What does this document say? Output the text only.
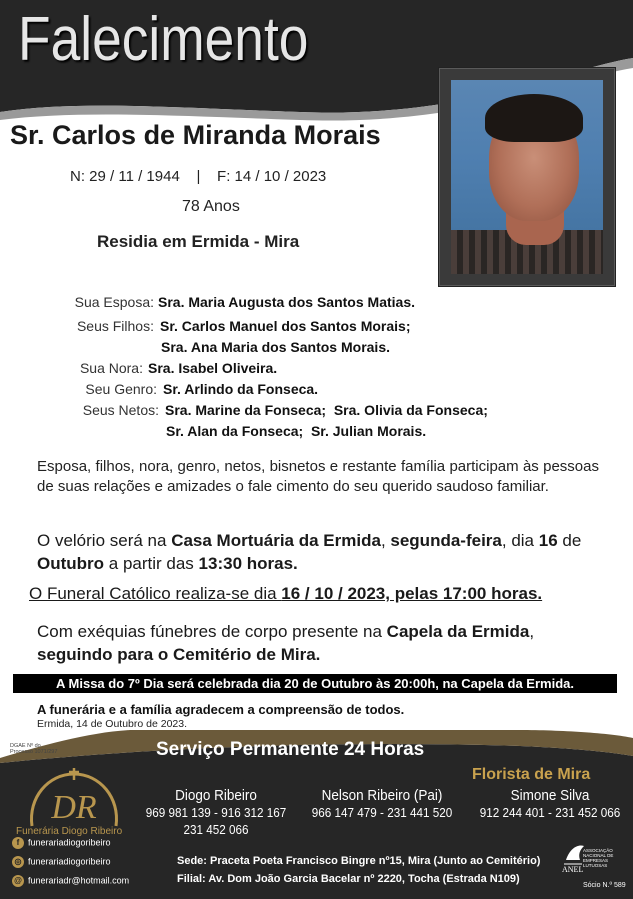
Falecimento
Sr. Carlos de Miranda Morais
N: 29 / 11 / 1944    |    F: 14 / 10 / 2023
78 Anos
Residia em Ermida - Mira
Sua Esposa: Sra. Maria Augusta dos Santos Matias.
Seus Filhos: Sr. Carlos Manuel dos Santos Morais;
Sra. Ana Maria dos Santos Morais.
Sua Nora: Sra. Isabel Oliveira.
Seu Genro: Sr. Arlindo da Fonseca.
Seus Netos: Sra. Marine da Fonseca;  Sra. Olivia da Fonseca;
Sr. Alan da Fonseca;  Sr. Julian Morais.
Esposa, filhos, nora, genro, netos, bisnetos e restante família participam às pessoas de suas relações e amizades o fale cimento do seu querido saudoso familiar.
O velório será na Casa Mortuária da Ermida, segunda-feira, dia 16 de Outubro a partir das 13:30 horas.
O Funeral Católico realiza-se dia 16 / 10 / 2023, pelas 17:00 horas.
Com exéquias fúnebres de corpo presente na Capela da Ermida,
seguindo para o Cemitério de Mira.
A Missa do 7º Dia será celebrada dia 20 de Outubro às 20:00h, na Capela da Ermida.
A funerária e a família agradecem a compreensão de todos.
Ermida, 14 de Outubro de 2023.
DGAE Nº do Processo 1071/297	Serviço Permanente 24 Horas
DR
Funerária Diogo Ribeiro
Florista de Mira
Diogo Ribeiro
969 981 139 - 916 312 167
231 452 066
Nelson Ribeiro (Pai)
966 147 479 - 231 441 520
Simone Silva
912 244 401 - 231 452 066
f funerariadiogoribeiro
◎ funerariadiogoribeiro
@ funerariadr@hotmail.com
Sede: Praceta Poeta Francisco Bingre nº15, Mira (Junto ao Cemitério)
Filial: Av. Dom João Garcia Bacelar nº 2220, Tocha (Estrada N109)
ANEL
ASSOCIAÇÃO NACIONAL DE EMPRESAS LUTUOSAS
Sócio N.º 589
